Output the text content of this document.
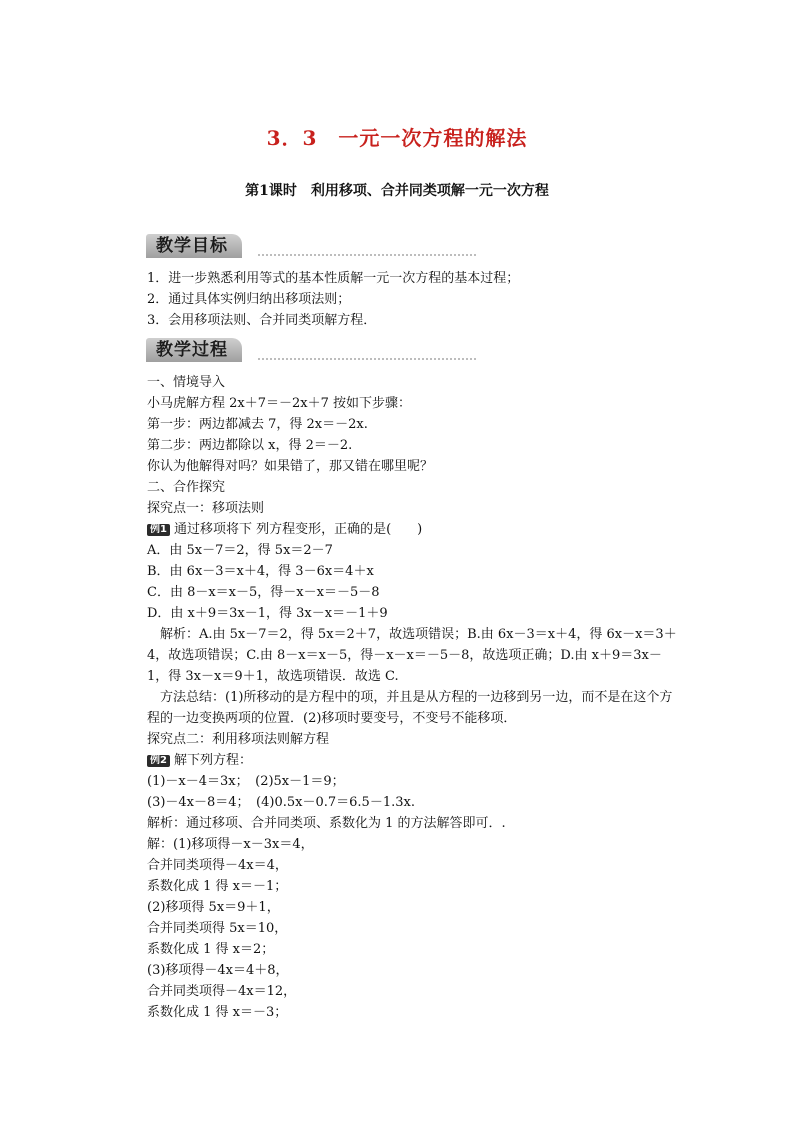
3．3　一元一次方程的解法
第1课时　利用移项、合并同类项解一元一次方程
教学目标

1．进一步熟悉利用等式的基本性质解一元一次方程的基本过程；

2．通过具体实例归纳出移项法则；

3．会用移项法则、合并同类项解方程．

教学过程

一、情境导入

小马虎解方程 2x＋7＝－2x＋7 按如下步骤：

第一步：两边都减去 7，得 2x＝－2x.

第二步：两边都除以 x，得 2＝－2.

你认为他解得对吗？如果错了，那又错在哪里呢？

二、合作探究

探究点一：移项法则

例1 通过移项将下 列方程变形，正确的是(　　)

A．由 5x－7＝2，得 5x＝2－7

B．由 6x－3＝x＋4，得 3－6x＝4＋x

C．由 8－x＝x－5，得－x－x＝－5－8

D．由 x＋9＝3x－1，得 3x－x＝－1＋9

解析：A.由 5x－7＝2，得 5x＝2＋7，故选项错误；B.由 6x－3＝x＋4，得 6x－x＝3＋4，故选项错误；C.由 8－x＝x－5，得－x－x＝－5－8，故选项正确；D.由 x＋9＝3x－1，得 3x－x＝9＋1，故选项错误．故选 C.

方法总结：(1)所移动的是方程中的项，并且是从方程的一边移到另一边，而不是在这个方程的一边变换两项的位置．(2)移项时要变号，不变号不能移项．

探究点二：利用移项法则解方程

例2 解下列方程：

(1)－x－4＝3x；　(2)5x－1＝9；

(3)－4x－8＝4；　(4)0.5x－0.7＝6.5－1.3x.

解析：通过移项、合并同类项、系数化为 1 的方法解答即可．.

解：(1)移项得－x－3x＝4，

合并同类项得－4x＝4，

系数化成 1 得 x＝－1；

(2)移项得 5x＝9＋1，

合并同类项得 5x＝10，

系数化成 1 得 x＝2；

(3)移项得－4x＝4＋8，

合并同类项得－4x＝12，

系数化成 1 得 x＝－3；
